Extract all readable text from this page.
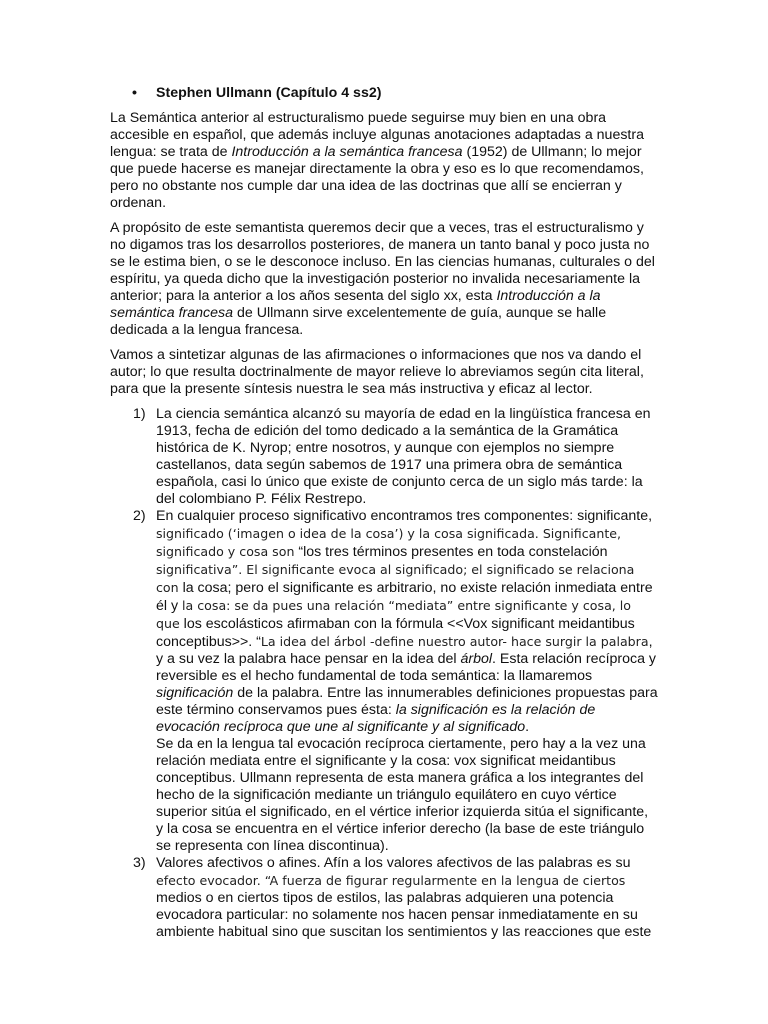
•	Stephen Ullmann (Capítulo 4 ss2)

La Semántica anterior al estructuralismo puede seguirse muy bien en una obra accesible en español, que además incluye algunas anotaciones adaptadas a nuestra lengua: se trata de Introducción a la semántica francesa (1952) de Ullmann; lo mejor que puede hacerse es manejar directamente la obra y eso es lo que recomendamos, pero no obstante nos cumple dar una idea de las doctrinas que allí se encierran y ordenan.

A propósito de este semantista queremos decir que a veces, tras el estructuralismo y no digamos tras los desarrollos posteriores, de manera un tanto banal y poco justa no se le estima bien, o se le desconoce incluso. En las ciencias humanas, culturales o del espíritu, ya queda dicho que la investigación posterior no invalida necesariamente la anterior; para la anterior a los años sesenta del siglo xx, esta Introducción a la semántica francesa de Ullmann sirve excelentemente de guía, aunque se halle dedicada a la lengua francesa.

Vamos a sintetizar algunas de las afirmaciones o informaciones que nos va dando el autor; lo que resulta doctrinalmente de mayor relieve lo abreviamos según cita literal, para que la presente síntesis nuestra le sea más instructiva y eficaz al lector.

1) La ciencia semántica alcanzó su mayoría de edad en la lingüística francesa en 1913, fecha de edición del tomo dedicado a la semántica de la Gramática histórica de K. Nyrop; entre nosotros, y aunque con ejemplos no siempre castellanos, data según sabemos de 1917 una primera obra de semántica española, casi lo único que existe de conjunto cerca de un siglo más tarde: la del colombiano P. Félix Restrepo.
2) En cualquier proceso significativo encontramos tres componentes: significante, significado (‘imagen o idea de la cosa’) y la cosa significada. Significante, significado y cosa son “los tres términos presentes en toda constelación significativa”. El significante evoca al significado; el significado se relaciona con la cosa; pero el significante es arbitrario, no existe relación inmediata entre él y la cosa: se da pues una relación “mediata” entre significante y cosa, lo que los escolásticos afirmaban con la fórmula <<Vox significant meidantibus conceptibus>>. “La idea del árbol -define nuestro autor- hace surgir la palabra, y a su vez la palabra hace pensar en la idea del árbol. Esta relación recíproca y reversible es el hecho fundamental de toda semántica: la llamaremos significación de la palabra. Entre las innumerables definiciones propuestas para este término conservamos pues ésta: la significación es la relación de evocación recíproca que une al significante y al significado.
Se da en la lengua tal evocación recíproca ciertamente, pero hay a la vez una relación mediata entre el significante y la cosa: vox significat meidantibus conceptibus. Ullmann representa de esta manera gráfica a los integrantes del hecho de la significación mediante un triángulo equilátero en cuyo vértice superior sitúa el significado, en el vértice inferior izquierda sitúa el significante, y la cosa se encuentra en el vértice inferior derecho (la base de este triángulo se representa con línea discontinua).
3) Valores afectivos o afines. Afín a los valores afectivos de las palabras es su efecto evocador. “A fuerza de figurar regularmente en la lengua de ciertos medios o en ciertos tipos de estilos, las palabras adquieren una potencia evocadora particular: no solamente nos hacen pensar inmediatamente en su ambiente habitual sino que suscitan los sentimientos y las reacciones que este
